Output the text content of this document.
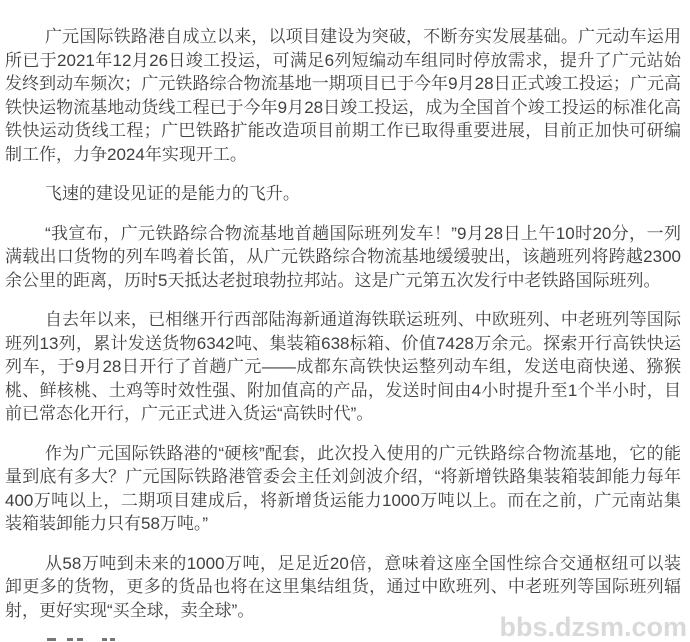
广元国际铁路港自成立以来，以项目建设为突破，不断夯实发展基础。广元动车运用所已于2021年12月26日竣工投运，可满足6列短编动车组同时停放需求，提升了广元站始发终到动车频次；广元铁路综合物流基地一期项目已于今年9月28日正式竣工投运；广元高铁快运物流基地动货线工程已于今年9月28日竣工投运，成为全国首个竣工投运的标准化高铁快运动货线工程；广巴铁路扩能改造项目前期工作已取得重要进展，目前正加快可研编制工作，力争2024年实现开工。

飞速的建设见证的是能力的飞升。

“我宣布，广元铁路综合物流基地首趟国际班列发车！”9月28日上午10时20分，一列满载出口货物的列车鸣着长笛，从广元铁路综合物流基地缓缓驶出，该趟班列将跨越2300余公里的距离，历时5天抵达老挝琅勃拉邦站。这是广元第五次发行中老铁路国际班列。

自去年以来，已相继开行西部陆海新通道海铁联运班列、中欧班列、中老班列等国际班列13列，累计发送货物6342吨、集装箱638标箱、价值7428万余元。探索开行高铁快运列车，于9月28日开行了首趟广元——成都东高铁快运整列动车组，发送电商快递、猕猴桃、鲜核桃、土鸡等时效性强、附加值高的产品，发送时间由4小时提升至1个半小时，目前已常态化开行，广元正式进入货运“高铁时代”。

作为广元国际铁路港的“硬核”配套，此次投入使用的广元铁路综合物流基地，它的能量到底有多大？广元国际铁路港管委会主任刘剑波介绍，“将新增铁路集装箱装卸能力每年400万吨以上，二期项目建成后，将新增货运能力1000万吨以上。而在之前，广元南站集装箱装卸能力只有58万吨。”

从58万吨到未来的1000万吨，足足近20倍，意味着这座全国性综合交通枢纽可以装卸更多的货物，更多的货品也将在这里集结组货，通过中欧班列、中老班列等国际班列辐射，更好实现“买全球，卖全球”。

bbs.dzsm.com
